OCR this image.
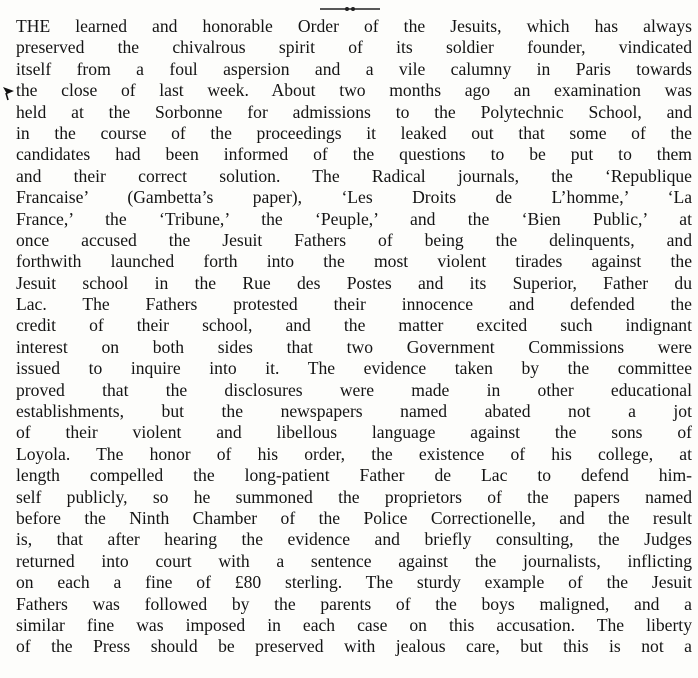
THE learned and honorable Order of the Jesuits, which has always
preserved the chivalrous spirit of its soldier founder, vindicated
itself from a foul aspersion and a vile calumny in Paris towards
the close of last week. About two months ago an examination was
held at the Sorbonne for admissions to the Polytechnic School, and
in the course of the proceedings it leaked out that some of the
candidates had been informed of the questions to be put to them
and their correct solution. The Radical journals, the ‘Republique
Francaise’ (Gambetta’s paper), ‘Les Droits de L’homme,’ ‘La
France,’ the ‘Tribune,’ the ‘Peuple,’ and the ‘Bien Public,’ at
once accused the Jesuit Fathers of being the delinquents, and
forthwith launched forth into the most violent tirades against the
Jesuit school in the Rue des Postes and its Superior, Father du
Lac. The Fathers protested their innocence and defended the
credit of their school, and the matter excited such indignant
interest on both sides that two Government Commissions were
issued to inquire into it. The evidence taken by the committee
proved that the disclosures were made in other educational
establishments, but the newspapers named abated not a jot
of their violent and libellous language against the sons of
Loyola. The honor of his order, the existence of his college, at
length compelled the long-patient Father de Lac to defend him-
self publicly, so he summoned the proprietors of the papers named
before the Ninth Chamber of the Police Correctionelle, and the result
is, that after hearing the evidence and briefly consulting, the Judges
returned into court with a sentence against the journalists, inflicting
on each a fine of £80 sterling. The sturdy example of the Jesuit
Fathers was followed by the parents of the boys maligned, and a
similar fine was imposed in each case on this accusation. The liberty
of the Press should be preserved with jealous care, but this is not a
